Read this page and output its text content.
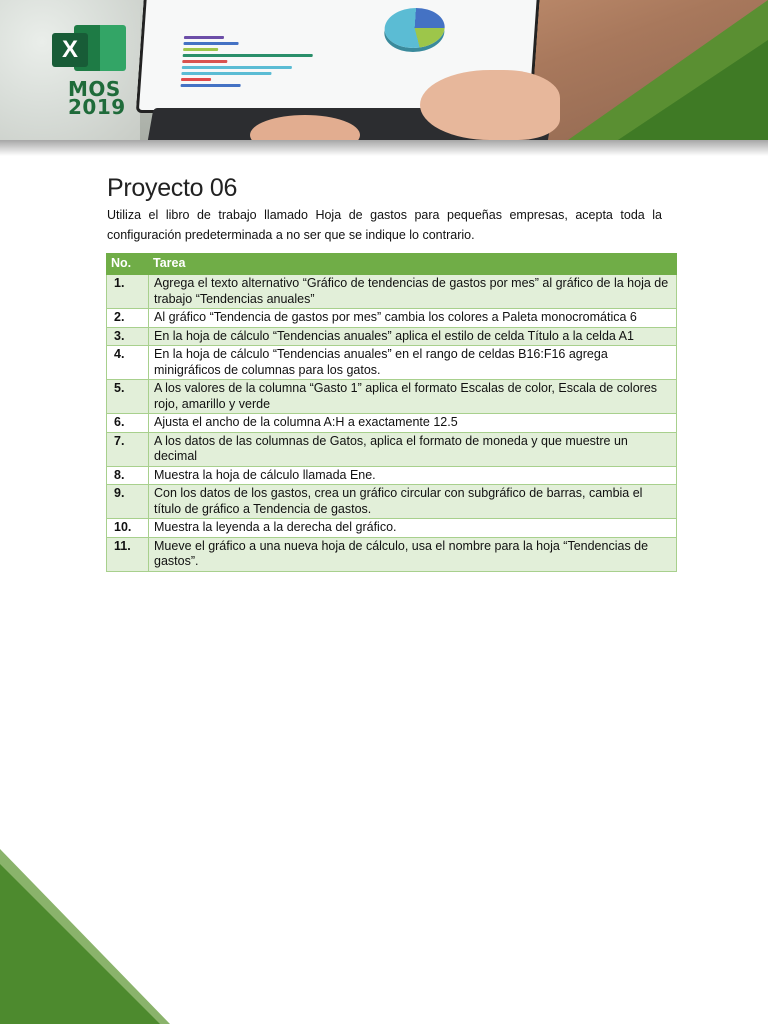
X
MOS
2019
Proyecto 06

Utiliza el libro de trabajo llamado Hoja de gastos para pequeñas empresas, acepta toda la configuración predeterminada a no ser que se indique lo contrario.

No.	Tarea
1.	Agrega el texto alternativo “Gráfico de tendencias de gastos por mes” al gráfico de la hoja de trabajo “Tendencias anuales”
2.	Al gráfico “Tendencia de gastos por mes” cambia los colores a Paleta monocromática 6
3.	En la hoja de cálculo “Tendencias anuales” aplica el estilo de celda Título a la celda A1
4.	En la hoja de cálculo “Tendencias anuales” en el rango de celdas B16:F16 agrega minigráficos de columnas para los gatos.
5.	A los valores de la columna “Gasto 1” aplica el formato Escalas de color, Escala de colores rojo, amarillo y verde
6.	Ajusta el ancho de la columna A:H a exactamente 12.5
7.	A los datos de las columnas de Gatos, aplica el formato de moneda y que muestre un decimal
8.	Muestra la hoja de cálculo llamada Ene.
9.	Con los datos de los gastos, crea un gráfico circular con subgráfico de barras, cambia el título de gráfico a Tendencia de gastos.
10.	Muestra la leyenda a la derecha del gráfico.
11.	Mueve el gráfico a una nueva hoja de cálculo, usa el nombre para la hoja “Tendencias de gastos”.
